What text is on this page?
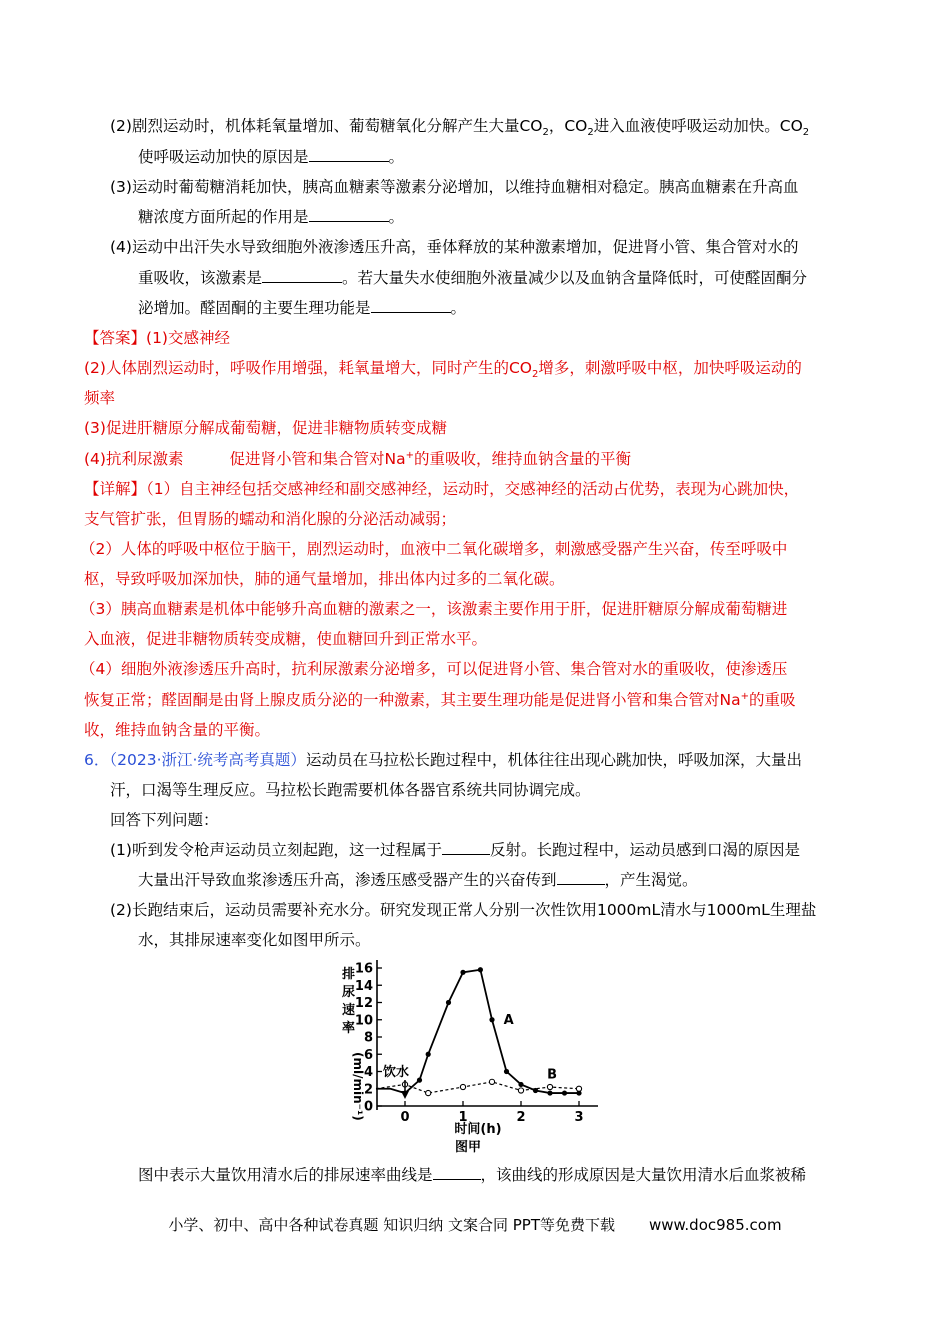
(2)剧烈运动时，机体耗氧量增加、葡萄糖氧化分解产生大量$CO_2$，$CO_2$进入血液使呼吸运动加快。$CO_2$
使呼吸运动加快的原因是	。
(3)运动时葡萄糖消耗加快，胰高血糖素等激素分泌增加，以维持血糖相对稳定。胰高血糖素在升高血
糖浓度方面所起的作用是	。
(4)运动中出汗失水导致细胞外液渗透压升高，垂体释放的某种激素增加，促进肾小管、集合管对水的
重吸收，该激素是	。若大量失水使细胞外液量减少以及血钠含量降低时，可使醛固酮分
泌增加。醛固酮的主要生理功能是	。
【答案】(1)交感神经
(2)人体剧烈运动时，呼吸作用增强，耗氧量增大，同时产生的$CO_2$增多，刺激呼吸中枢，加快呼吸运动的
频率
(3)促进肝糖原分解成葡萄糖，促进非糖物质转变成糖
(4)抗利尿激素	促进肾小管和集合管对Na+的重吸收，维持血钠含量的平衡
【详解】（1）自主神经包括交感神经和副交感神经，运动时，交感神经的活动占优势，表现为心跳加快，
支气管扩张，但胃肠的蠕动和消化腺的分泌活动减弱；
（2）人体的呼吸中枢位于脑干，剧烈运动时，血液中二氧化碳增多，刺激感受器产生兴奋，传至呼吸中
枢，导致呼吸加深加快，肺的通气量增加，排出体内过多的二氧化碳。
（3）胰高血糖素是机体中能够升高血糖的激素之一，该激素主要作用于肝，促进肝糖原分解成葡萄糖进
入血液，促进非糖物质转变成糖，使血糖回升到正常水平。
（4）细胞外液渗透压升高时，抗利尿激素分泌增多，可以促进肾小管、集合管对水的重吸收，使渗透压
恢复正常；醛固酮是由肾上腺皮质分泌的一种激素，其主要生理功能是促进肾小管和集合管对Na+的重吸
收，维持血钠含量的平衡。
6．（2023·浙江·统考高考真题）运动员在马拉松长跑过程中，机体往往出现心跳加快，呼吸加深，大量出
汗，口渴等生理反应。马拉松长跑需要机体各器官系统共同协调完成。
回答下列问题：
(1)听到发令枪声运动员立刻起跑，这一过程属于	反射。长跑过程中，运动员感到口渴的原因是
大量出汗导致血浆渗透压升高，渗透压感受器产生的兴奋传到	，产生渴觉。
(2)长跑结束后，运动员需要补充水分。研究发现正常人分别一次性饮用1000mL清水与1000mL生理盐
水，其排尿速率变化如图甲所示。
(ml/min⁻¹)
0
2
4
6
8
10
12
14
16
0	1	2	3
A
B
排尿速率
时间(h)
图甲
饮水
图中表示大量饮用清水后的排尿速率曲线是	，该曲线的形成原因是大量饮用清水后血浆被稀
小学、初中、高中各种试卷真题 知识归纳 文案合同 PPT等免费下载 www.doc985.com
